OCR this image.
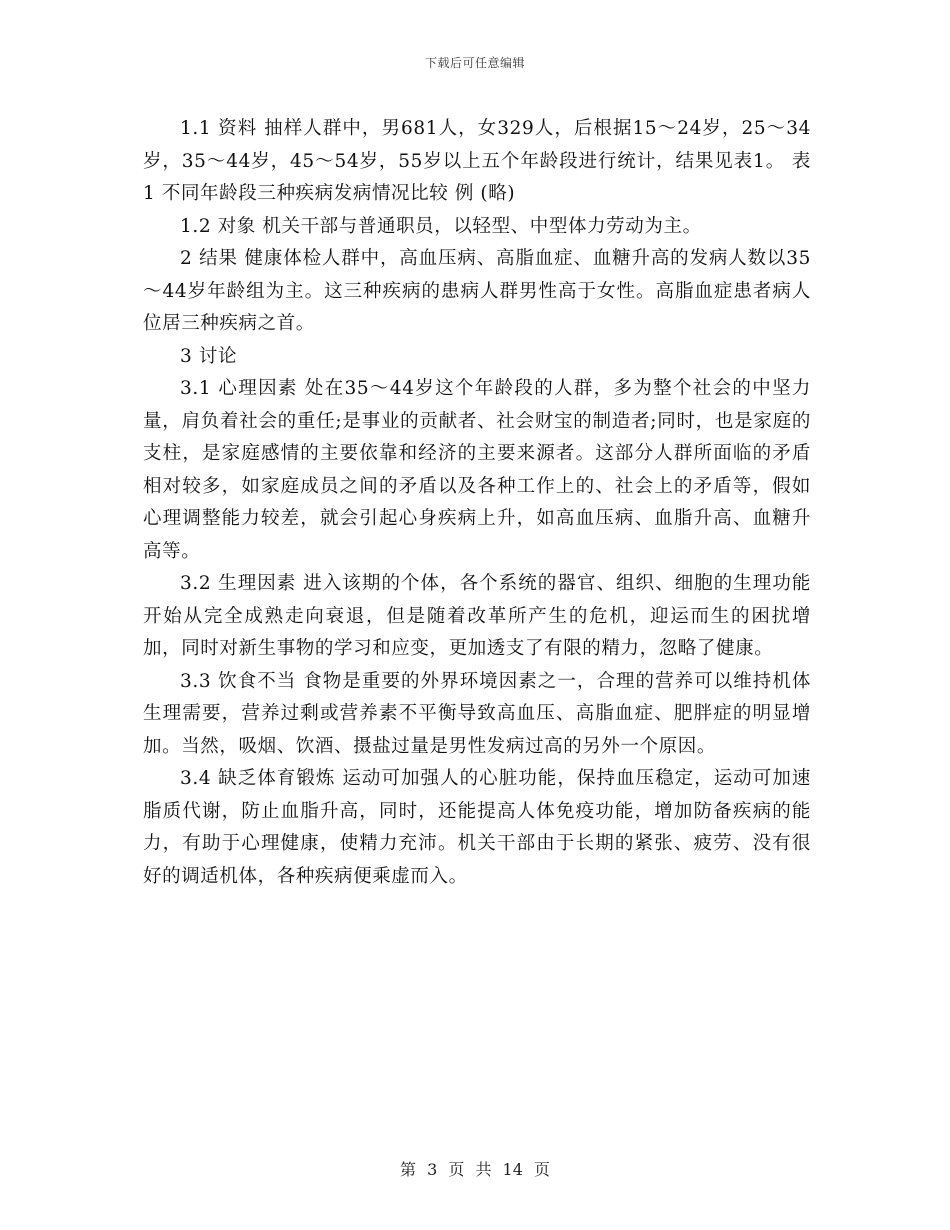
下载后可任意编辑

1.1 资料 抽样人群中，男681人，女329人，后根据15～24岁，25～34岁，35～44岁，45～54岁，55岁以上五个年龄段进行统计，结果见表1。 表1 不同年龄段三种疾病发病情况比较 例 (略)

1.2 对象 机关干部与普通职员，以轻型、中型体力劳动为主。

2 结果 健康体检人群中，高血压病、高脂血症、血糖升高的发病人数以35～44岁年龄组为主。这三种疾病的患病人群男性高于女性。高脂血症患者病人位居三种疾病之首。

3 讨论

3.1 心理因素 处在35～44岁这个年龄段的人群，多为整个社会的中坚力量，肩负着社会的重任;是事业的贡献者、社会财宝的制造者;同时，也是家庭的支柱，是家庭感情的主要依靠和经济的主要来源者。这部分人群所面临的矛盾相对较多，如家庭成员之间的矛盾以及各种工作上的、社会上的矛盾等，假如心理调整能力较差，就会引起心身疾病上升，如高血压病、血脂升高、血糖升高等。

3.2 生理因素 进入该期的个体，各个系统的器官、组织、细胞的生理功能开始从完全成熟走向衰退，但是随着改革所产生的危机，迎运而生的困扰增加，同时对新生事物的学习和应变，更加透支了有限的精力，忽略了健康。

3.3 饮食不当 食物是重要的外界环境因素之一，合理的营养可以维持机体生理需要，营养过剩或营养素不平衡导致高血压、高脂血症、肥胖症的明显增加。当然，吸烟、饮酒、摄盐过量是男性发病过高的另外一个原因。

3.4 缺乏体育锻炼 运动可加强人的心脏功能，保持血压稳定，运动可加速脂质代谢，防止血脂升高，同时，还能提高人体免疫功能，增加防备疾病的能力，有助于心理健康，使精力充沛。机关干部由于长期的紧张、疲劳、没有很好的调适机体，各种疾病便乘虚而入。

第 3 页 共 14 页
